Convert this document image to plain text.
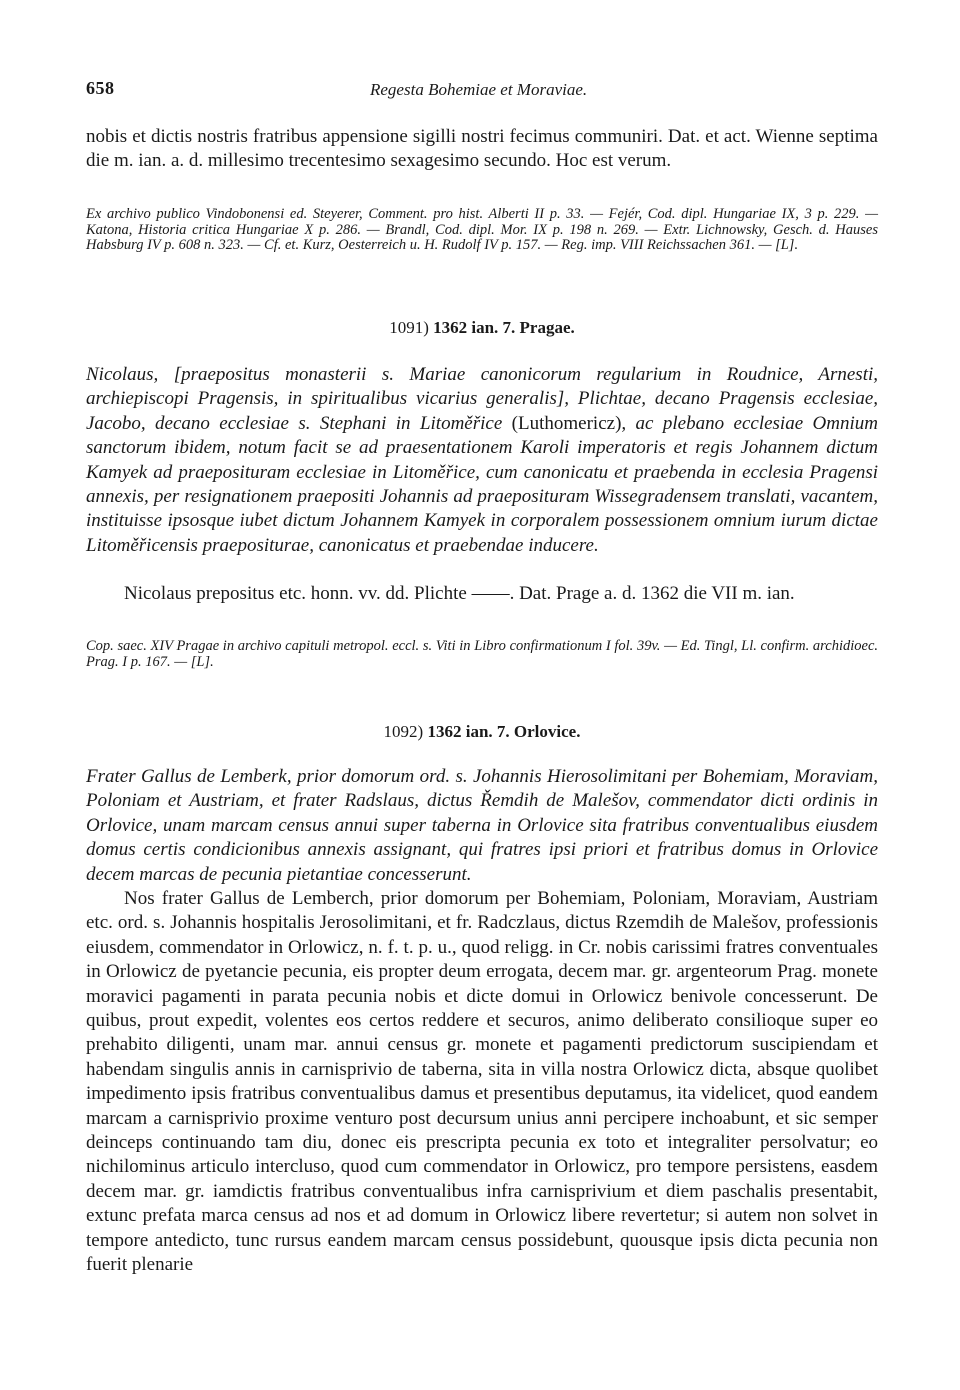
658	Regesta Bohemiae et Moraviae.

nobis et dictis nostris fratribus appensione sigilli nostri fecimus communiri. Dat. et act. Wienne septima die m. ian. a. d. millesimo trecentesimo sexagesimo secundo. Hoc est verum.

Ex archivo publico Vindobonensi ed. Steyerer, Comment. pro hist. Alberti II p. 33. — Fejér, Cod. dipl. Hungariae IX, 3 p. 229. — Katona, Historia critica Hungariae X p. 286. — Brandl, Cod. dipl. Mor. IX p. 198 n. 269. — Extr. Lichnowsky, Gesch. d. Hauses Habsburg IV p. 608 n. 323. — Cf. et. Kurz, Oesterreich u. H. Rudolf IV p. 157. — Reg. imp. VIII Reichssachen 361. — [L].

1091) 1362 ian. 7. Pragae.

Nicolaus, [praepositus monasterii s. Mariae canonicorum regularium in Roudnice, Arnesti, archiepiscopi Pragensis, in spiritualibus vicarius generalis], Plichtae, decano Pragensis ecclesiae, Jacobo, decano ecclesiae s. Stephani in Litoměřice (Luthomericz), ac plebano ecclesiae Omnium sanctorum ibidem, notum facit se ad praesentationem Karoli imperatoris et regis Johannem dictum Kamyek ad praeposituram ecclesiae in Litoměřice, cum canonicatu et praebenda in ecclesia Pragensi annexis, per resignationem praepositi Johannis ad praeposituram Wissegradensem translati, vacantem, instituisse ipsosque iubet dictum Johannem Kamyek in corporalem possessionem omnium iurum dictae Litoměřicensis praepositurae, canonicatus et praebendae inducere.

Nicolaus prepositus etc. honn. vv. dd. Plichte ——. Dat. Prage a. d. 1362 die VII m. ian.

Cop. saec. XIV Pragae in archivo capituli metropol. eccl. s. Viti in Libro confirmationum I fol. 39v. — Ed. Tingl, Ll. confirm. archidioec. Prag. I p. 167. — [L].

1092) 1362 ian. 7. Orlovice.

Frater Gallus de Lemberk, prior domorum ord. s. Johannis Hierosolimitani per Bohemiam, Moraviam, Poloniam et Austriam, et frater Radslaus, dictus Řemdih de Malešov, commendator dicti ordinis in Orlovice, unam marcam census annui super taberna in Orlovice sita fratribus conventualibus eiusdem domus certis condicionibus annexis assignant, qui fratres ipsi priori et fratribus domus in Orlovice decem marcas de pecunia pietantiae concesserunt.

Nos frater Gallus de Lemberch, prior domorum per Bohemiam, Poloniam, Moraviam, Austriam etc. ord. s. Johannis hospitalis Jerosolimitani, et fr. Radczlaus, dictus Rzemdih de Malešov, professionis eiusdem, commendator in Orlowicz, n. f. t. p. u., quod religg. in Cr. nobis carissimi fratres conventuales in Orlowicz de pyetancie pecunia, eis propter deum errogata, decem mar. gr. argenteorum Prag. monete moravici pagamenti in parata pecunia nobis et dicte domui in Orlowicz benivole concesserunt. De quibus, prout expedit, volentes eos certos reddere et securos, animo deliberato consilioque super eo prehabito diligenti, unam mar. annui census gr. monete et pagamenti predictorum suscipiendam et habendam singulis annis in carnisprivio de taberna, sita in villa nostra Orlowicz dicta, absque quolibet impedimento ipsis fratribus conventualibus damus et presentibus deputamus, ita videlicet, quod eandem marcam a carnisprivio proxime venturo post decursum unius anni percipere inchoabunt, et sic semper deinceps continuando tam diu, donec eis prescripta pecunia ex toto et integraliter persolvatur; eo nichilominus articulo intercluso, quod cum commendator in Orlowicz, pro tempore persistens, easdem decem mar. gr. iamdictis fratribus conventualibus infra carnisprivium et diem paschalis presentabit, extunc prefata marca census ad nos et ad domum in Orlowicz libere revertetur; si autem non solvet in tempore antedicto, tunc rursus eandem marcam census possidebunt, quousque ipsis dicta pecunia non fuerit plenarie
